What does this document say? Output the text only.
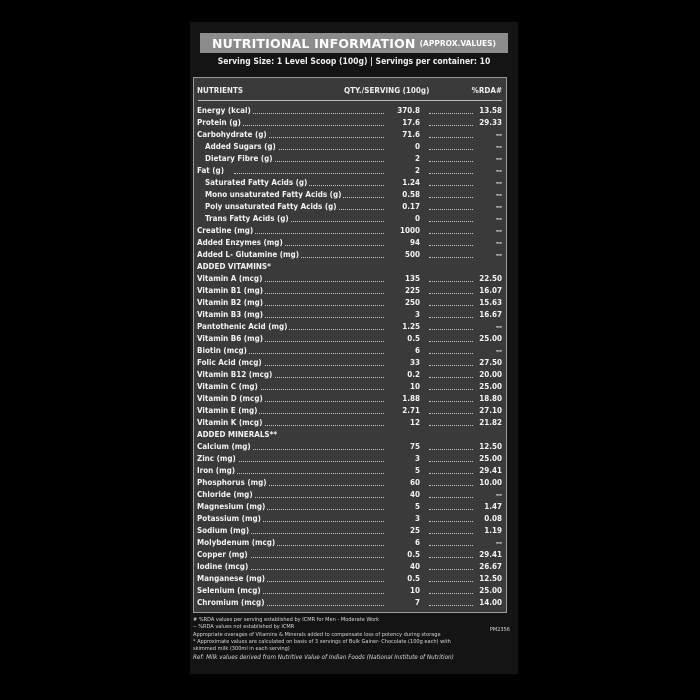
NUTRITIONAL INFORMATION (APPROX.VALUES)
Serving Size: 1 Level Scoop (100g) | Servings per container: 10
NUTRIENTS	QTY./SERVING (100g)	%RDA#
Energy (kcal)	370.8	13.58
Protein (g)	17.6	29.33
Carbohydrate (g)	71.6	--
Added Sugars (g)	0	--
Dietary Fibre (g)	2	--
Fat (g)	2	--
Saturated Fatty Acids (g)	1.24	--
Mono unsaturated Fatty Acids (g)	0.58	--
Poly unsaturated Fatty Acids (g)	0.17	--
Trans Fatty Acids (g)	0	--
Creatine (mg)	1000	--
Added Enzymes (mg)	94	--
Added L- Glutamine (mg)	500	--
ADDED VITAMINS*
Vitamin A (mcg)	135	22.50
Vitamin B1 (mg)	225	16.07
Vitamin B2 (mg)	250	15.63
Vitamin B3 (mg)	3	16.67
Pantothenic Acid (mg)	1.25	--
Vitamin B6 (mg)	0.5	25.00
Biotin (mcg)	6	--
Folic Acid (mcg)	33	27.50
Vitamin B12 (mcg)	0.2	20.00
Vitamin C (mg)	10	25.00
Vitamin D (mcg)	1.88	18.80
Vitamin E (mg)	2.71	27.10
Vitamin K (mcg)	12	21.82
ADDED MINERALS**
Calcium (mg)	75	12.50
Zinc (mg)	3	25.00
Iron (mg)	5	29.41
Phosphorus (mg)	60	10.00
Chloride (mg)	40	--
Magnesium (mg)	5	1.47
Potassium (mg)	3	0.08
Sodium (mg)	25	1.19
Molybdenum (mcg)	6	--
Copper (mg)	0.5	29.41
Iodine (mcg)	40	26.67
Manganese (mg)	0.5	12.50
Selenium (mcg)	10	25.00
Chromium (mcg)	7	14.00
# %RDA values per serving established by ICMR for Men - Moderate Work
-- %RDA values not established by ICMR
Appropriate overages of Vitamins & Minerals added to compensate loss of potency during storage
* Approximate values are calculated on basis of 3 servings of Bulk Gainer- Chocolate (100g each) with
skimmed milk (300ml in each serving)
Ref: Milk values derived from Nutritive Value of Indian Foods (National Institute of Nutrition)
PM2356
